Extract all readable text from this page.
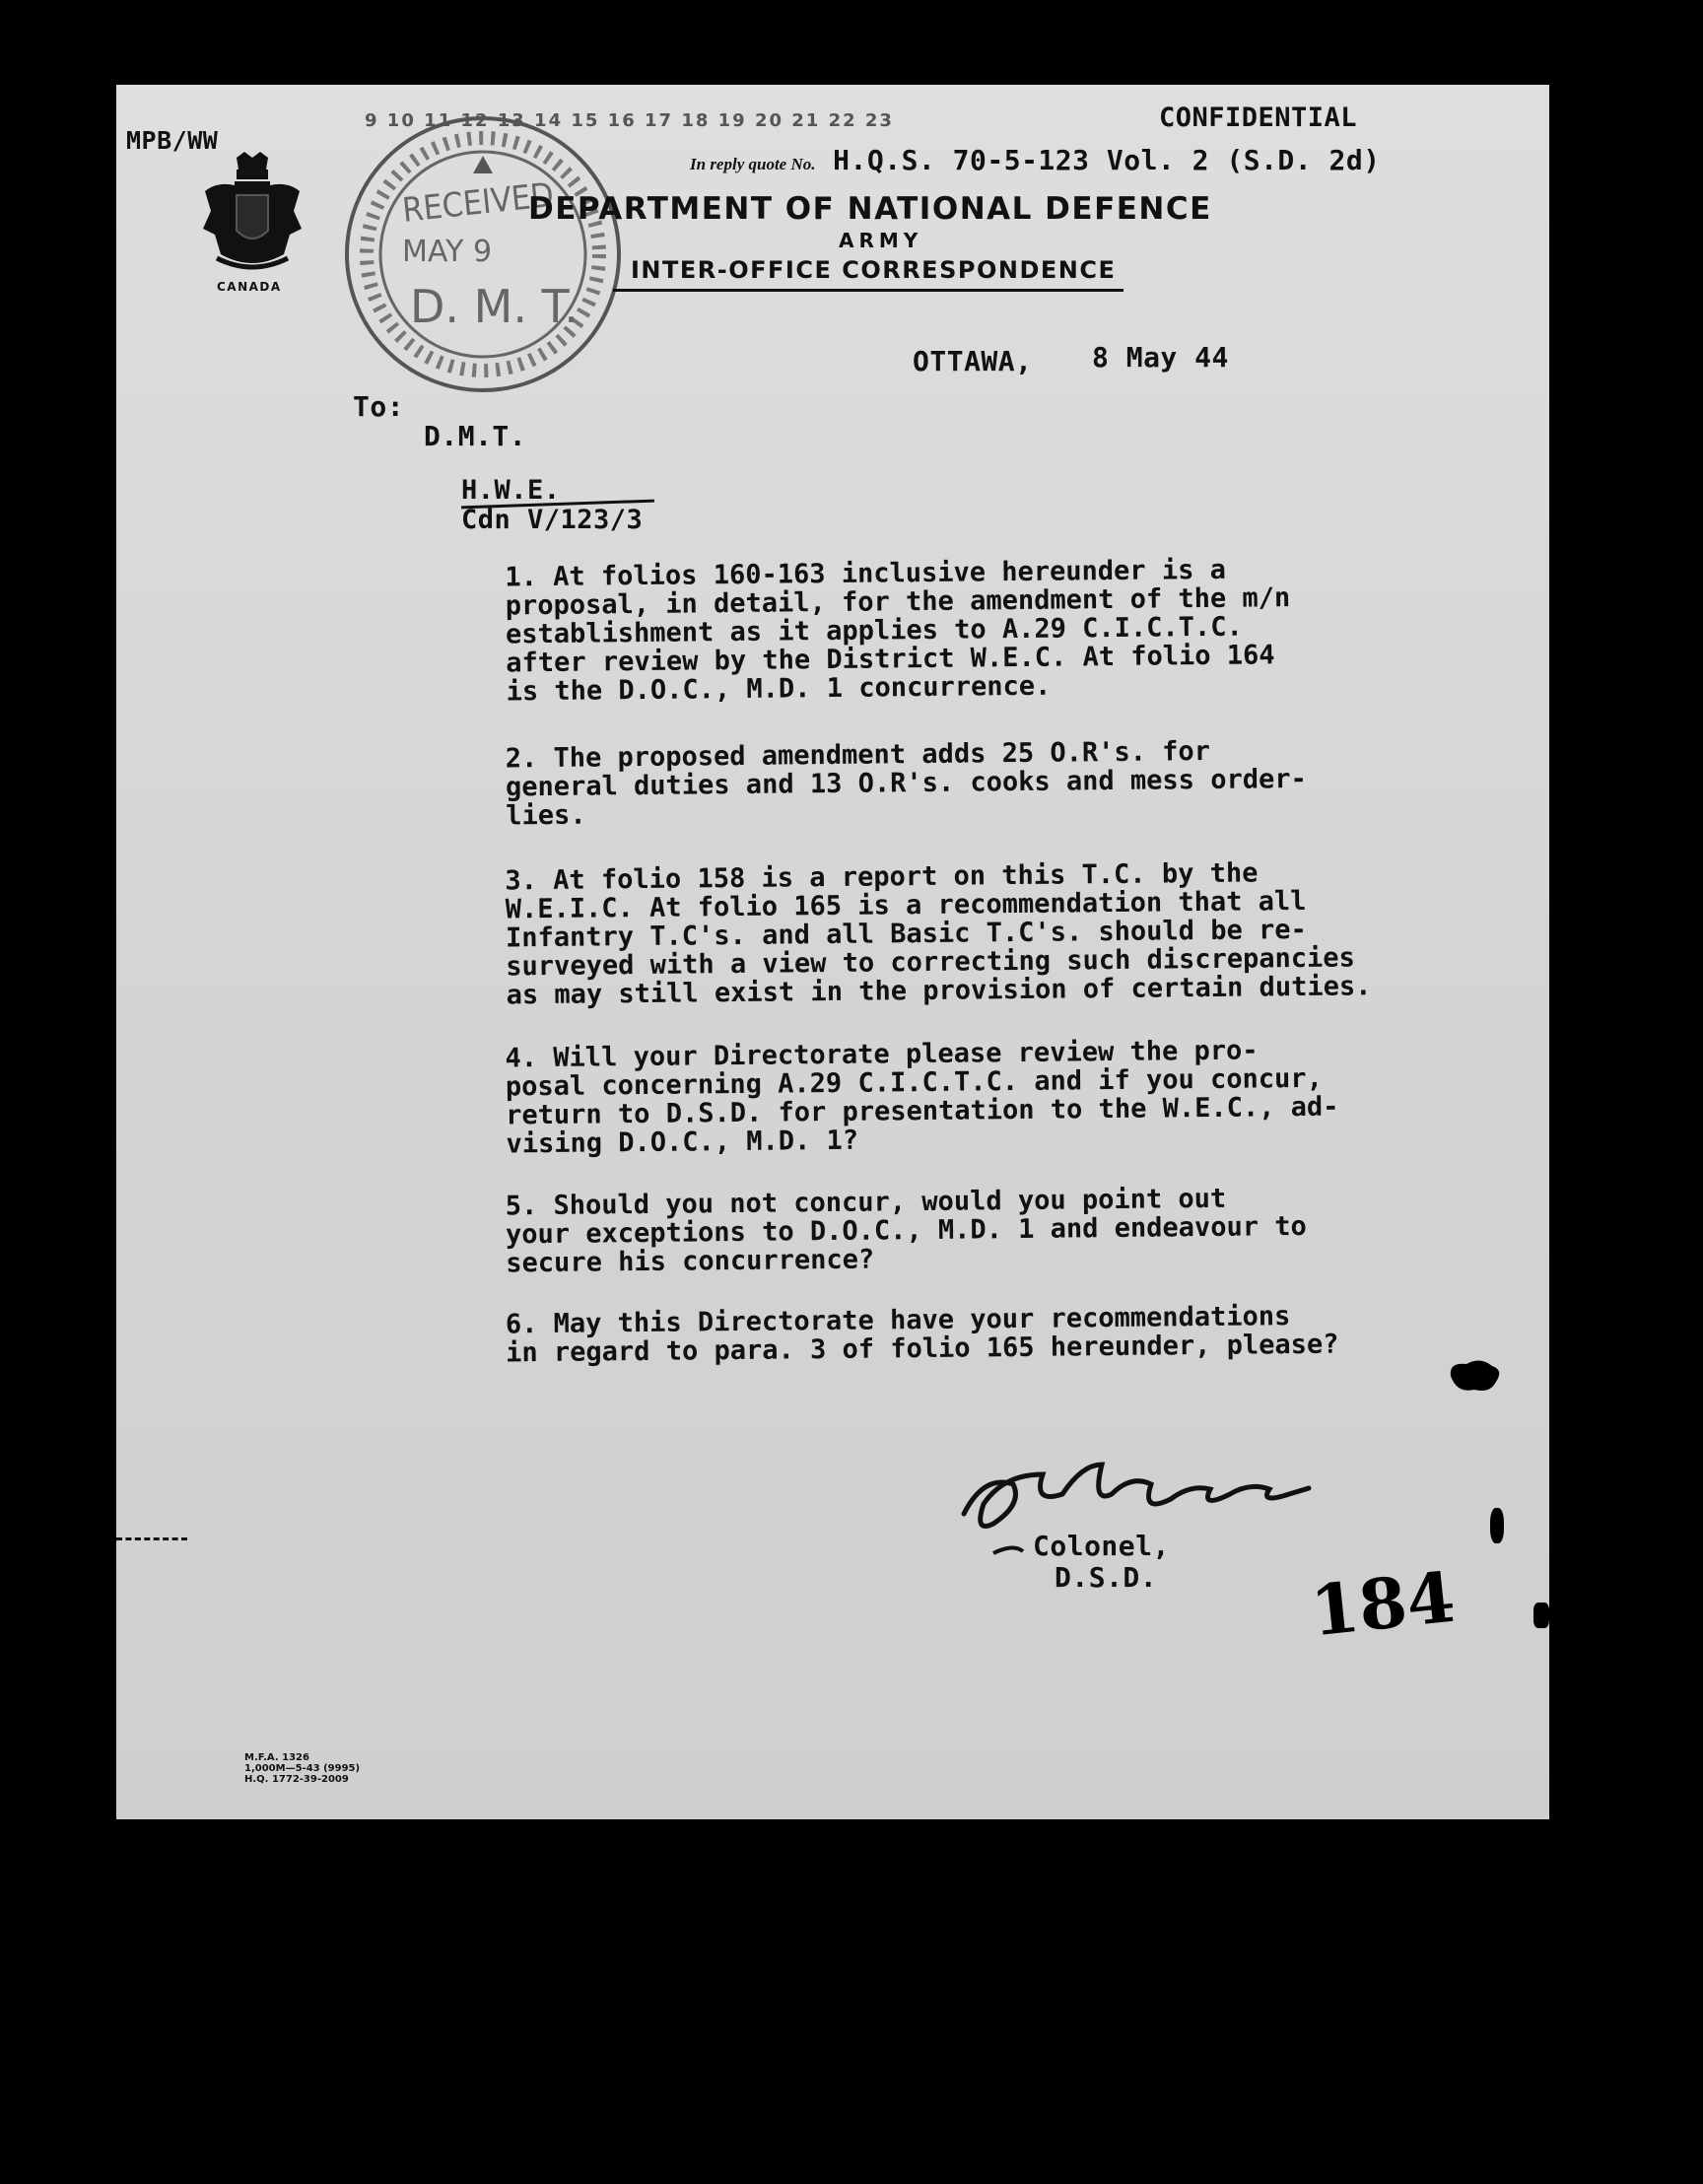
MPB/WW
CONFIDENTIAL
In reply quote No. H.Q.S. 70-5-123 Vol. 2 (S.D. 2d)
CANADA
9 10 11 12 13 14 15 16 17 18 19 20 21 22 23
RECEIVED
MAY 9
D. M. T.
DEPARTMENT OF NATIONAL DEFENCE
ARMY
INTER-OFFICE CORRESPONDENCE
OTTAWA, 8 May 44
To:
D.M.T.
H.W.E.
Cdn V/123/3
1. At folios 160-163 inclusive hereunder is a
proposal, in detail, for the amendment of the m/n
establishment as it applies to A.29 C.I.C.T.C.
after review by the District W.E.C. At folio 164
is the D.O.C., M.D. 1 concurrence.
2. The proposed amendment adds 25 O.R's. for
general duties and 13 O.R's. cooks and mess order-
lies.
3. At folio 158 is a report on this T.C. by the
W.E.I.C. At folio 165 is a recommendation that all
Infantry T.C's. and all Basic T.C's. should be re-
surveyed with a view to correcting such discrepancies
as may still exist in the provision of certain duties.
4. Will your Directorate please review the pro-
posal concerning A.29 C.I.C.T.C. and if you concur,
return to D.S.D. for presentation to the W.E.C., ad-
vising D.O.C., M.D. 1?
5. Should you not concur, would you point out
your exceptions to D.O.C., M.D. 1 and endeavour to
secure his concurrence?
6. May this Directorate have your recommendations
in regard to para. 3 of folio 165 hereunder, please?
Colonel,
D.S.D. 184
M.F.A. 1326
1,000M—5-43 (9995)
H.Q. 1772-39-2009
